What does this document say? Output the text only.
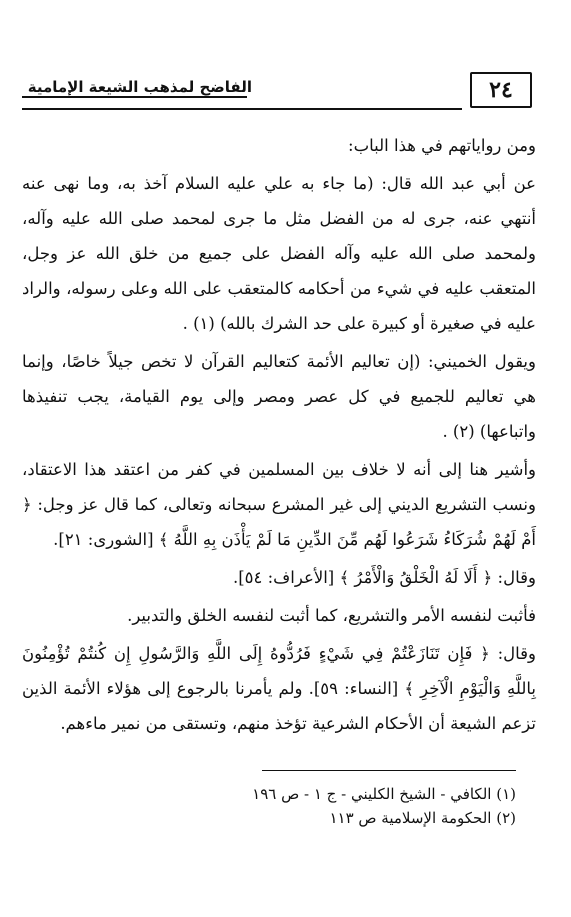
٢٤
الفاضح لمذهب الشيعة الإمامية

ومن رواياتهم في هذا الباب:

عن أبي عبد الله قال: (ما جاء به علي عليه السلام آخذ به، وما نهى عنه أنتهي عنه، جرى له من الفضل مثل ما جرى لمحمد صلى الله عليه وآله، ولمحمد صلى الله عليه وآله الفضل على جميع من خلق الله عز وجل، المتعقب عليه في شيء من أحكامه كالمتعقب على الله وعلى رسوله، والراد عليه في صغيرة أو كبيرة على حد الشرك بالله) (١) .

ويقول الخميني: (إن تعاليم الأئمة كتعاليم القرآن لا تخص جيلاً خاصًا، وإنما هي تعاليم للجميع في كل عصر ومصر وإلى يوم القيامة، يجب تنفيذها واتباعها) (٢) .

وأشير هنا إلى أنه لا خلاف بين المسلمين في كفر من اعتقد هذا الاعتقاد، ونسب التشريع الديني إلى غير المشرع سبحانه وتعالى، كما قال عز وجل: ﴿ أَمْ لَهُمْ شُرَكَاءُ شَرَعُوا لَهُم مِّنَ الدِّينِ مَا لَمْ يَأْذَن بِهِ اللَّهُ ﴾ [الشورى: ٢١].

وقال: ﴿ أَلَا لَهُ الْخَلْقُ وَالْأَمْرُ ﴾ [الأعراف: ٥٤].

فأثبت لنفسه الأمر والتشريع، كما أثبت لنفسه الخلق والتدبير.

وقال: ﴿ فَإِن تَنَازَعْتُمْ فِي شَيْءٍ فَرُدُّوهُ إِلَى اللَّهِ وَالرَّسُولِ إِن كُنتُمْ تُؤْمِنُونَ بِاللَّهِ وَالْيَوْمِ الْآخِرِ ﴾ [النساء: ٥٩]. ولم يأمرنا بالرجوع إلى هؤلاء الأئمة الذين تزعم الشيعة أن الأحكام الشرعية تؤخذ منهم، وتستقى من نمير ماءهم.

(١) الكافي - الشيخ الكليني - ج ١ - ص ١٩٦

(٢) الحكومة الإسلامية ص ١١٣
